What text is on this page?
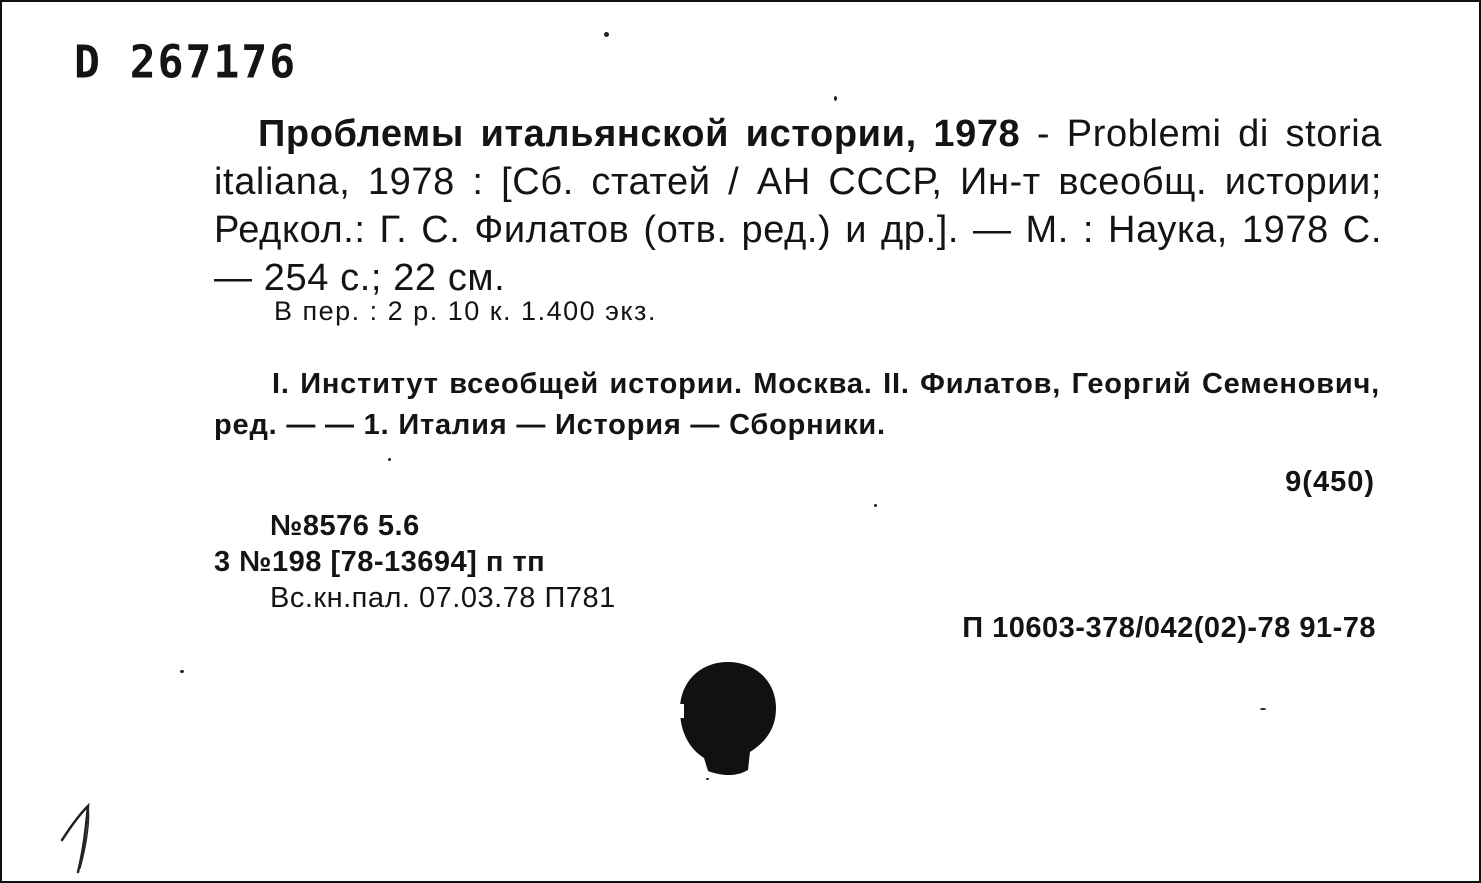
D 267176
Проблемы итальянской истории, 1978 - Problemi di storia italiana, 1978 : [Сб. статей / АН СССР, Ин-т всеобщ. истории; Редкол.: Г. С. Филатов (отв. ред.) и др.]. — М. : Наука, 1978 С. — 254 с.; 22 см.
В пер. : 2 р. 10 к. 1.400 экз.
I. Институт всеобщей истории. Москва. II. Филатов, Георгий Семенович, ред. — — 1. Италия — История — Сборники.
9(450)
№8576 5.6
3 №198 [78-13694] п тп
Вс.кн.пал. 07.03.78 П781
П 10603-378/042(02)-78 91-78
